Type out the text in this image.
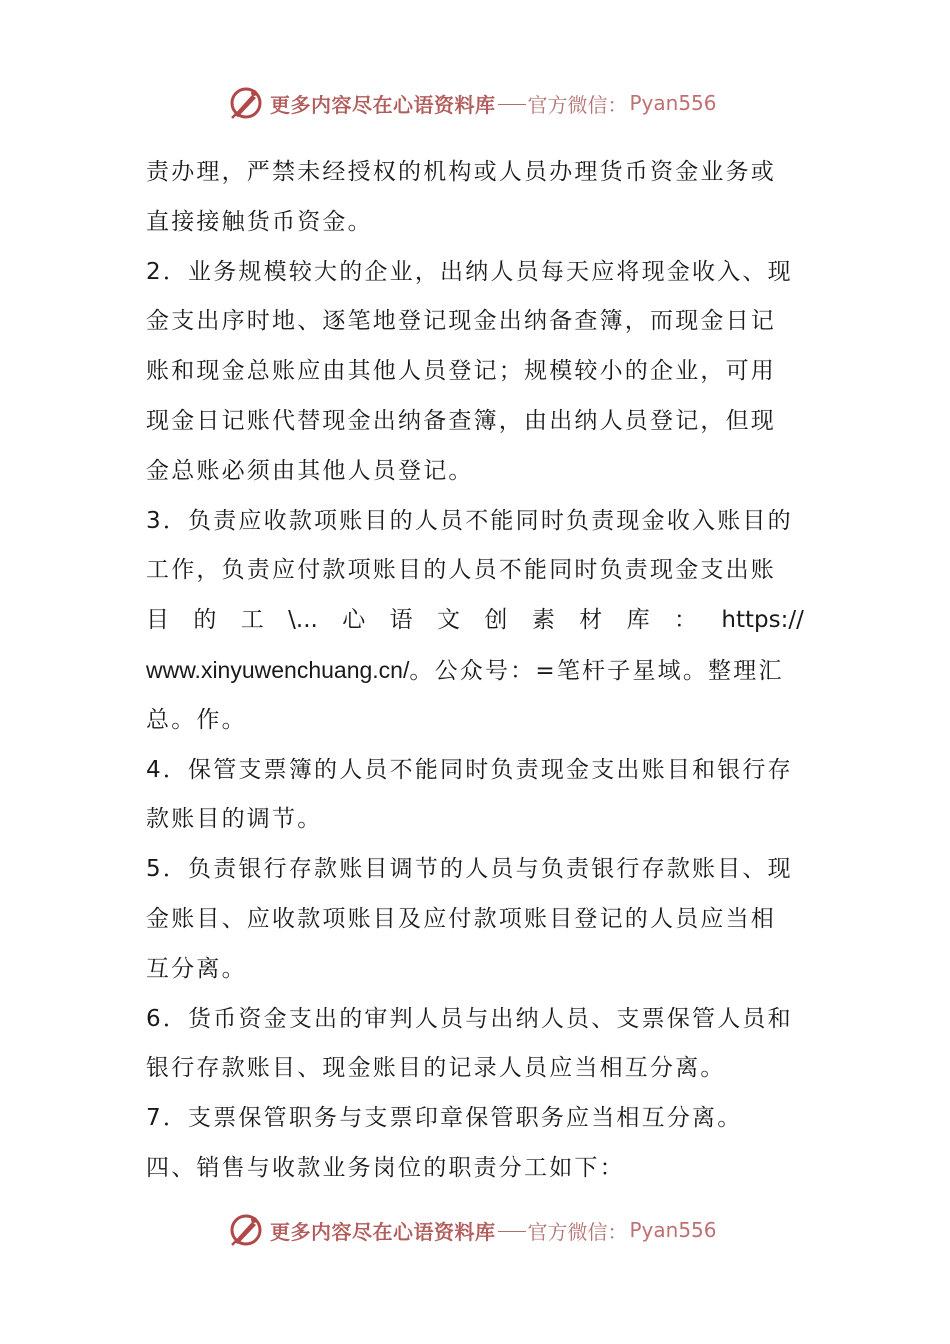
更多内容尽在心语资料库 官方微信： Pyan556
责办理，严禁未经授权的机构或人员办理货币资金业务或
直接接触货币资金。
2．业务规模较大的企业，出纳人员每天应将现金收入、现
金支出序时地、逐笔地登记现金出纳备查簿，而现金日记
账和现金总账应由其他人员登记；规模较小的企业，可用
现金日记账代替现金出纳备查簿，由出纳人员登记，但现
金总账必须由其他人员登记。
3．负责应收款项账目的人员不能同时负责现金收入账目的
工作，负责应付款项账目的人员不能同时负责现金支出账
目 的 工 \... 心 语 文 创 素 材 库 ： https://
www.xinyuwenchuang.cn/。公众号：=笔杆子星域。整理汇
总。作。
4．保管支票簿的人员不能同时负责现金支出账目和银行存
款账目的调节。
5．负责银行存款账目调节的人员与负责银行存款账目、现
金账目、应收款项账目及应付款项账目登记的人员应当相
互分离。
6．货币资金支出的审判人员与出纳人员、支票保管人员和
银行存款账目、现金账目的记录人员应当相互分离。
7．支票保管职务与支票印章保管职务应当相互分离。
四、销售与收款业务岗位的职责分工如下：
更多内容尽在心语资料库 官方微信： Pyan556
